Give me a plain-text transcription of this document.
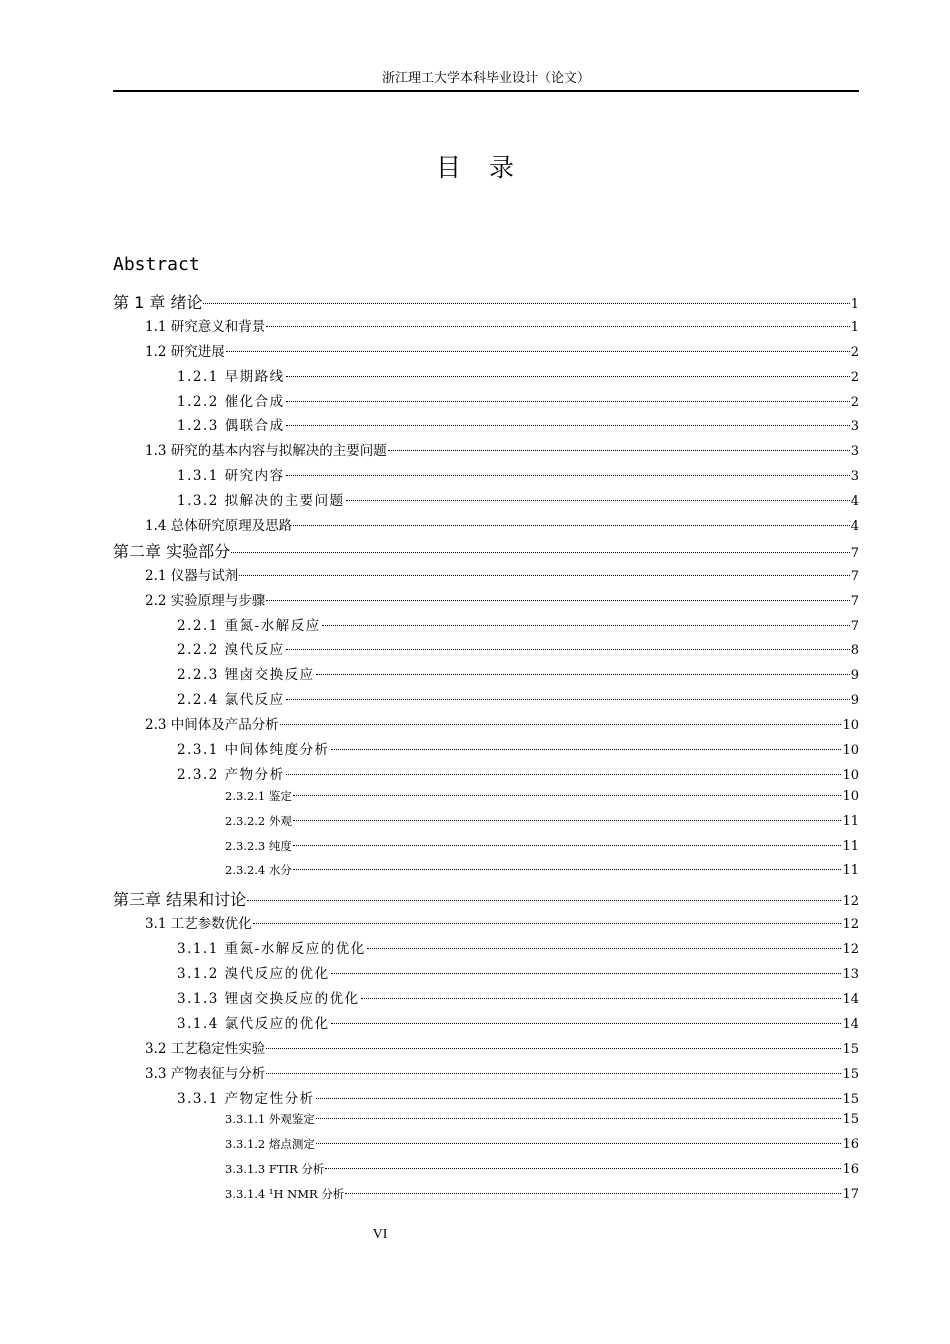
浙江理工大学本科毕业设计（论文）
目录
Abstract
第 1 章 绪论	1
1.1 研究意义和背景	1
1.2 研究进展	2
1.2.1 早期路线	2
1.2.2 催化合成	2
1.2.3 偶联合成	3
1.3 研究的基本内容与拟解决的主要问题	3
1.3.1 研究内容	3
1.3.2 拟解决的主要问题	4
1.4 总体研究原理及思路	4
第二章 实验部分	7
2.1 仪器与试剂	7
2.2 实验原理与步骤	7
2.2.1 重氮-水解反应	7
2.2.2 溴代反应	8
2.2.3 锂卤交换反应	9
2.2.4 氯代反应	9
2.3 中间体及产品分析	10
2.3.1 中间体纯度分析	10
2.3.2 产物分析	10
2.3.2.1 鉴定	10
2.3.2.2 外观	11
2.3.2.3 纯度	11
2.3.2.4 水分	11
第三章 结果和讨论	12
3.1 工艺参数优化	12
3.1.1 重氮-水解反应的优化	12
3.1.2 溴代反应的优化	13
3.1.3 锂卤交换反应的优化	14
3.1.4 氯代反应的优化	14
3.2 工艺稳定性实验	15
3.3 产物表征与分析	15
3.3.1 产物定性分析	15
3.3.1.1 外观鉴定	15
3.3.1.2 熔点测定	16
3.3.1.3 FTIR 分析	16
3.3.1.4 ¹H NMR 分析	17
VI
